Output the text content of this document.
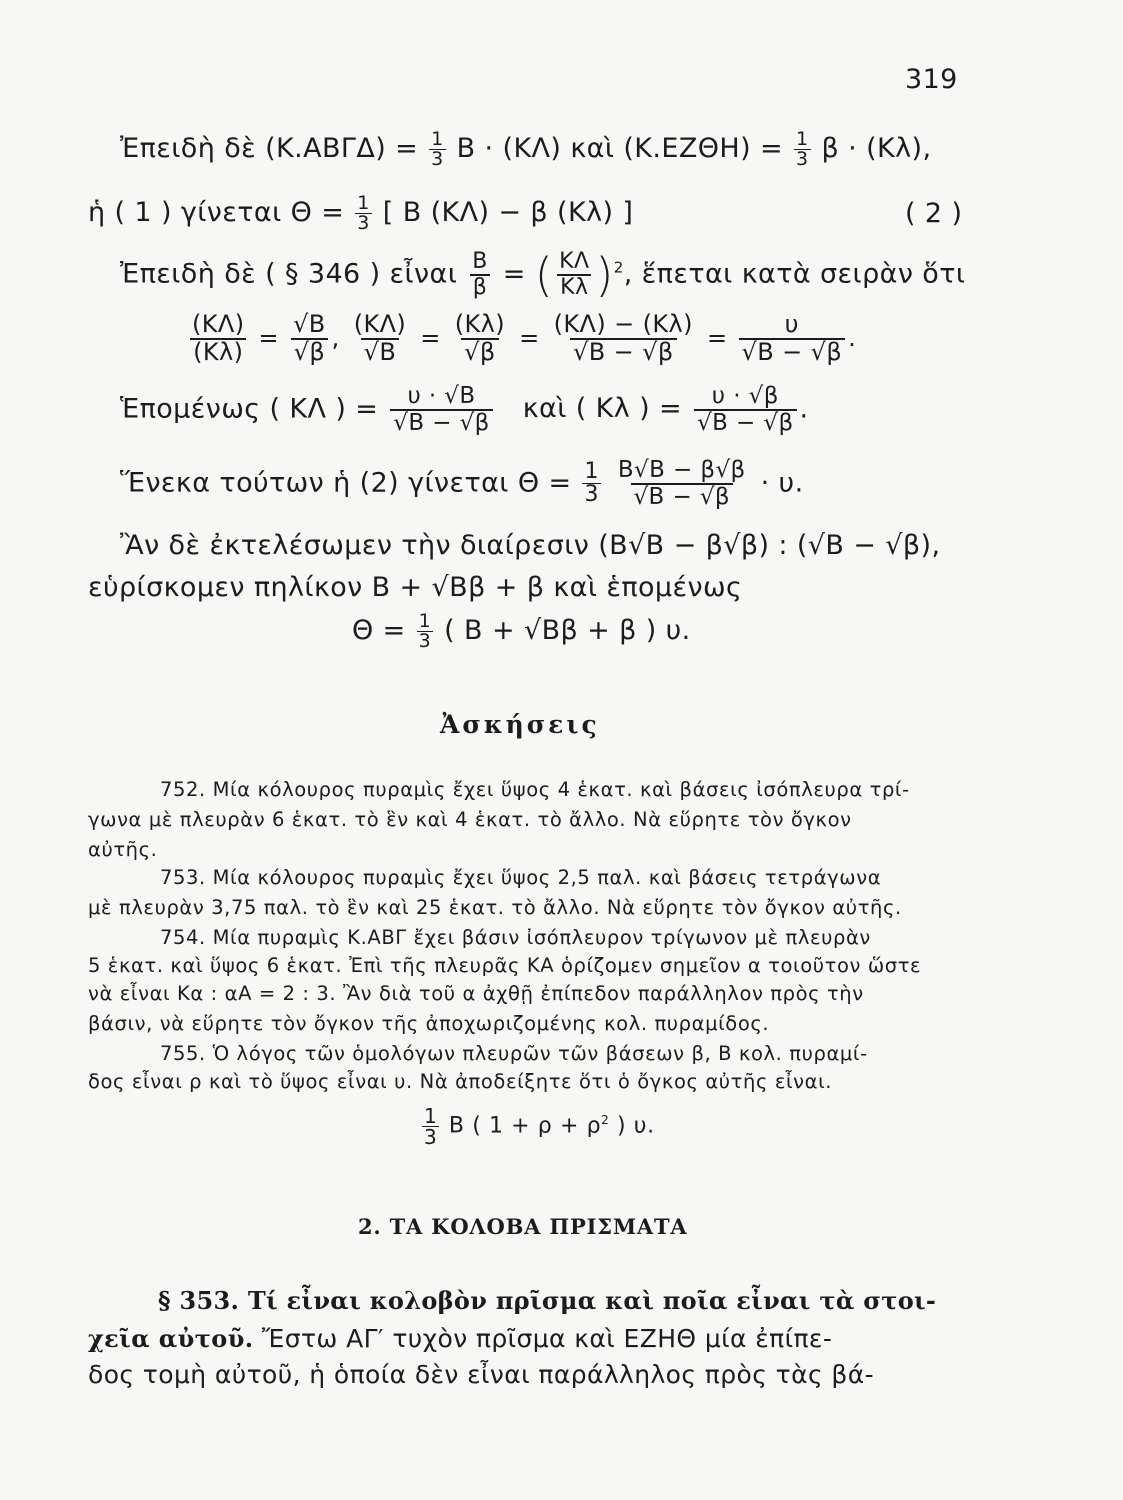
319
Ἐπειδὴ δὲ $(K.AB\Gamma\Delta) = \frac{1}{3}$ Β · (ΚΛ) καὶ $(K.EZ\Theta H) = \frac{1}{3}$ β · (Κλ),
ἡ ( 1 ) γίνεται $\Theta = \frac{1}{3}$ [ Β (ΚΛ) − β (Κλ) ]	( 2 )
Ἐπειδὴ δὲ ( § 346 ) εἶναι $\frac{B}{\beta}$ = ( $\frac{K\Lambda}{K\lambda} )^2$, ἕπεται κατὰ σειρὰν ὅτι
$\frac{(K\Lambda)}{(K\lambda)} = \frac{√B}{√\beta}$ , $\frac{(K\Lambda)}{√B} = \frac{(K\lambda)}{√\beta} = \frac{(K\Lambda) - (K\lambda)}{√B - √\beta} = \frac{\upsilon}{√B - √\beta}$ .
Ἑπομένως ( ΚΛ ) = $\frac{\upsilon \cdot √B}{√B - √\beta}$ καὶ ( Κλ ) = $\frac{\upsilon \cdot √\beta}{√B - √\beta}$ .
Ἕνεκα τούτων ἡ (2) γίνεται $\Theta = \frac{1}{3}$
$\frac{B√B - \beta√\beta}{√B - √\beta} \cdot \upsilon$.
Ἂν δὲ ἐκτελέσωμεν τὴν διαίρεσιν (Β√Β − β√β) : (√Β − √β),
εὑρίσκομεν πηλίκον Β + √Ββ + β καὶ ἑπομένως
$\Theta = \frac{1}{3}$ ( Β + √Ββ + β ) υ.
Ἀσκήσεις
752. Μία κόλουρος πυραμὶς ἔχει ὕψος 4 ἑκατ. καὶ βάσεις ἰσόπλευρα τρί-
γωνα μὲ πλευρὰν 6 ἑκατ. τὸ ἓν καὶ 4 ἑκατ. τὸ ἄλλο. Νὰ εὕρητε τὸν ὄγκον
αὐτῆς.
753. Μία κόλουρος πυραμὶς ἔχει ὕψος 2,5 παλ. καὶ βάσεις τετράγωνα
μὲ πλευρὰν 3,75 παλ. τὸ ἓν καὶ 25 ἑκατ. τὸ ἄλλο. Νὰ εὕρητε τὸν ὄγκον αὐτῆς.
754. Μία πυραμὶς Κ.ΑΒΓ ἔχει βάσιν ἰσόπλευρον τρίγωνον μὲ πλευρὰν
5 ἑκατ. καὶ ὕψος 6 ἑκατ. Ἐπὶ τῆς πλευρᾶς ΚΑ ὁρίζομεν σημεῖον α τοιοῦτον ὥστε
νὰ εἶναι Κα : αΑ = 2 : 3. Ἂν διὰ τοῦ α ἀχθῇ ἐπίπεδον παράλληλον πρὸς τὴν
βάσιν, νὰ εὕρητε τὸν ὄγκον τῆς ἀποχωριζομένης κολ. πυραμίδος.
755. Ὁ λόγος τῶν ὁμολόγων πλευρῶν τῶν βάσεων β, Β κολ. πυραμί-
δος εἶναι ρ καὶ τὸ ὕψος εἶναι υ. Νὰ ἀποδείξητε ὅτι ὁ ὄγκος αὐτῆς εἶναι.
$\frac{1}{3}$ Β ( $1 + \rho + \rho^2$ ) υ.
2. ΤΑ ΚΟΛΟΒΑ ΠΡΙΣΜΑΤΑ
§ 353. Τί εἶναι κολοβὸν πρῖσμα καὶ ποῖα εἶναι τὰ στοι-
χεῖα αὐτοῦ. Ἔστω ΑΓ′ τυχὸν πρῖσμα καὶ ΕΖΗΘ μία ἐπίπε-
δος τομὴ αὐτοῦ, ἡ ὁποία δὲν εἶναι παράλληλος πρὸς τὰς βά-
